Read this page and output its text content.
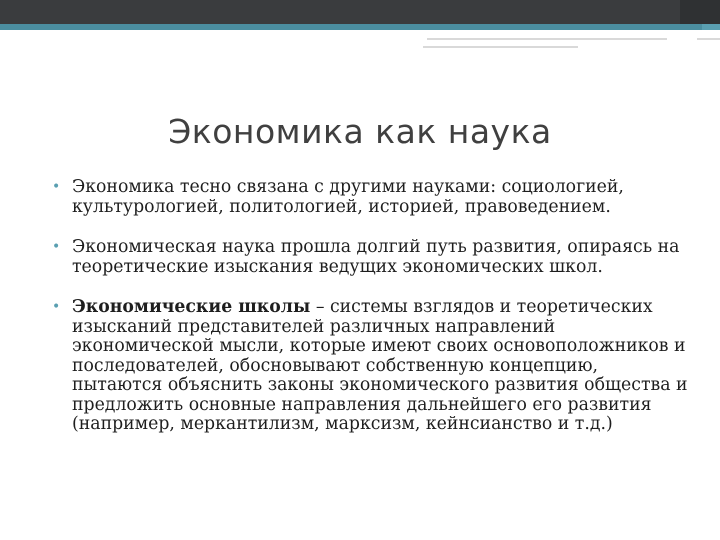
Экономика как наука
• Экономика тесно связана с другими науками: социологией, культурологией, политологией, историей, правоведением.
• Экономическая наука прошла долгий путь развития, опираясь на теоретические изыскания ведущих экономических школ.
• Экономические школы – системы взглядов и теоретических изысканий представителей различных направлений экономической мысли, которые имеют своих основоположников и последователей, обосновывают собственную концепцию, пытаются объяснить законы экономического развития общества и предложить основные направления дальнейшего его развития (например, меркантилизм, марксизм, кейнсианство и т.д.)
